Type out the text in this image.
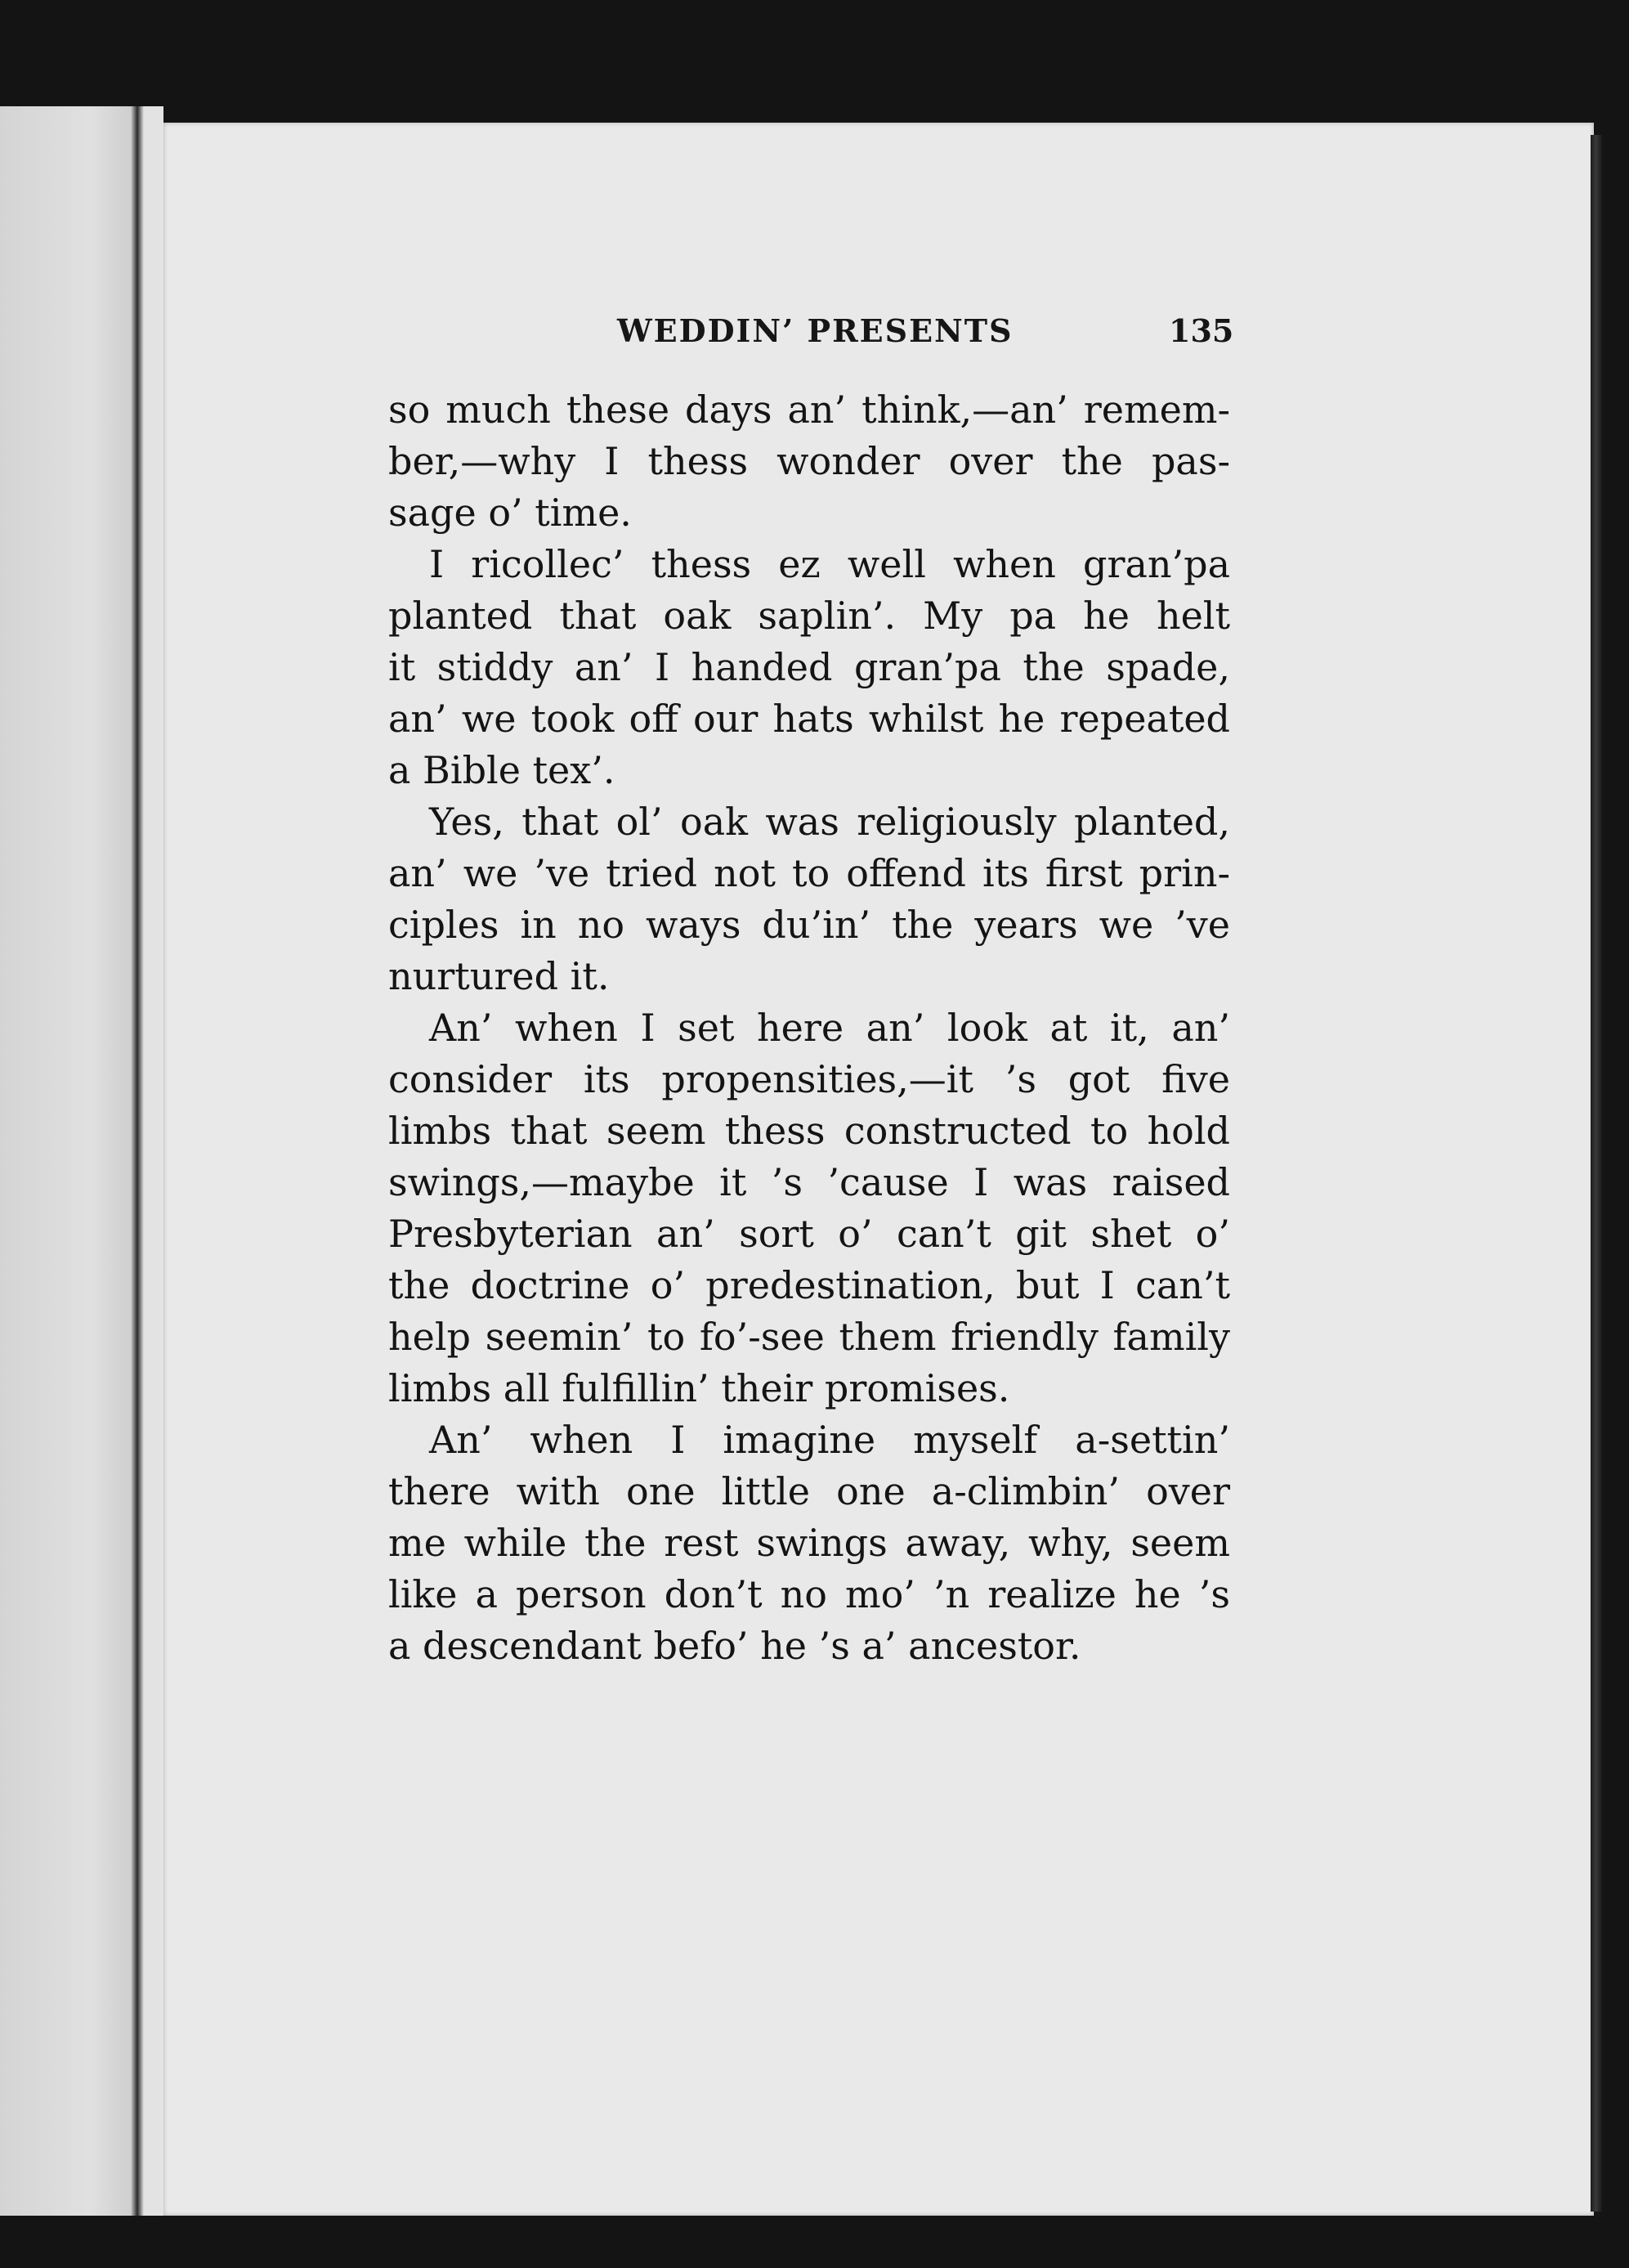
WEDDIN’ PRESENTS	135
so much these days an’ think,—an’ remem-
ber,—why I thess wonder over the pas-
sage o’ time.
I ricollec’ thess ez well when gran’pa
planted that oak saplin’. My pa he helt
it stiddy an’ I handed gran’pa the spade,
an’ we took off our hats whilst he repeated
a Bible tex’.
Yes, that ol’ oak was religiously planted,
an’ we ’ve tried not to offend its first prin-
ciples in no ways du’in’ the years we ’ve
nurtured it.
An’ when I set here an’ look at it, an’
consider its propensities,—it ’s got five
limbs that seem thess constructed to hold
swings,—maybe it ’s ’cause I was raised
Presbyterian an’ sort o’ can’t git shet o’
the doctrine o’ predestination, but I can’t
help seemin’ to fo’-see them friendly family
limbs all fulfillin’ their promises.
An’ when I imagine myself a-settin’
there with one little one a-climbin’ over
me while the rest swings away, why, seem
like a person don’t no mo’ ’n realize he ’s
a descendant befo’ he ’s a’ ancestor.
